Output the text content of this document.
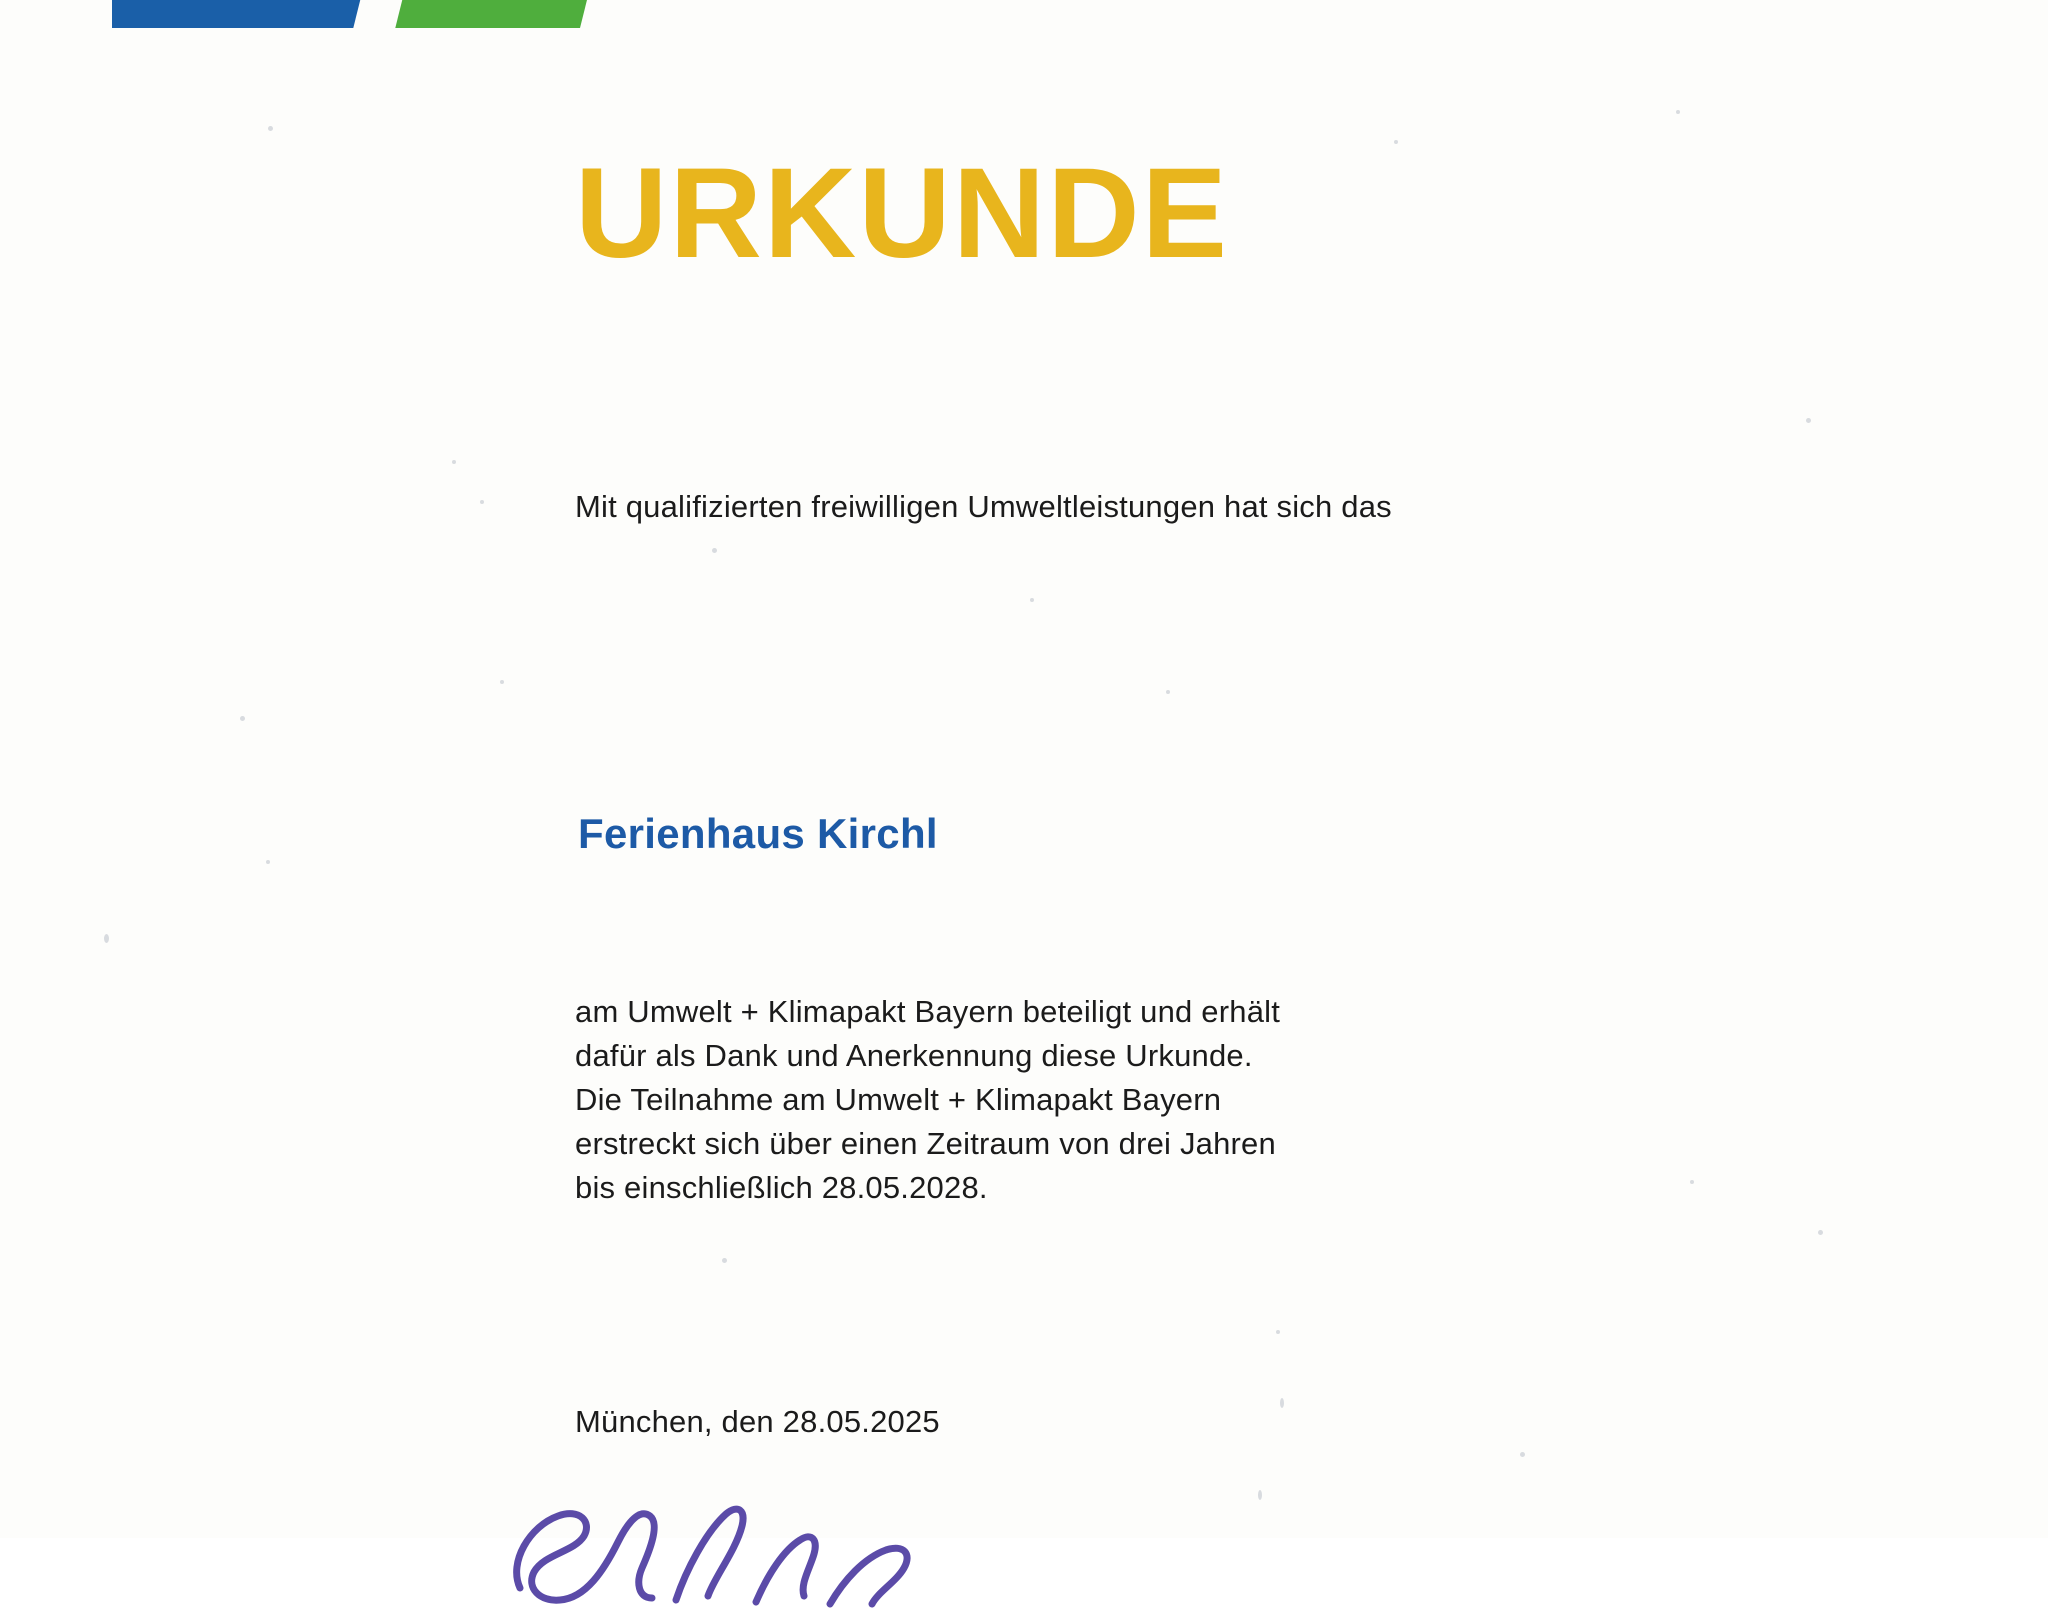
URKUNDE
Mit qualifizierten freiwilligen Umweltleistungen hat sich das
Ferienhaus Kirchl
am Umwelt + Klimapakt Bayern beteiligt und erhält
dafür als Dank und Anerkennung diese Urkunde.
Die Teilnahme am Umwelt + Klimapakt Bayern
erstreckt sich über einen Zeitraum von drei Jahren
bis einschließlich 28.05.2028.
München, den 28.05.2025
